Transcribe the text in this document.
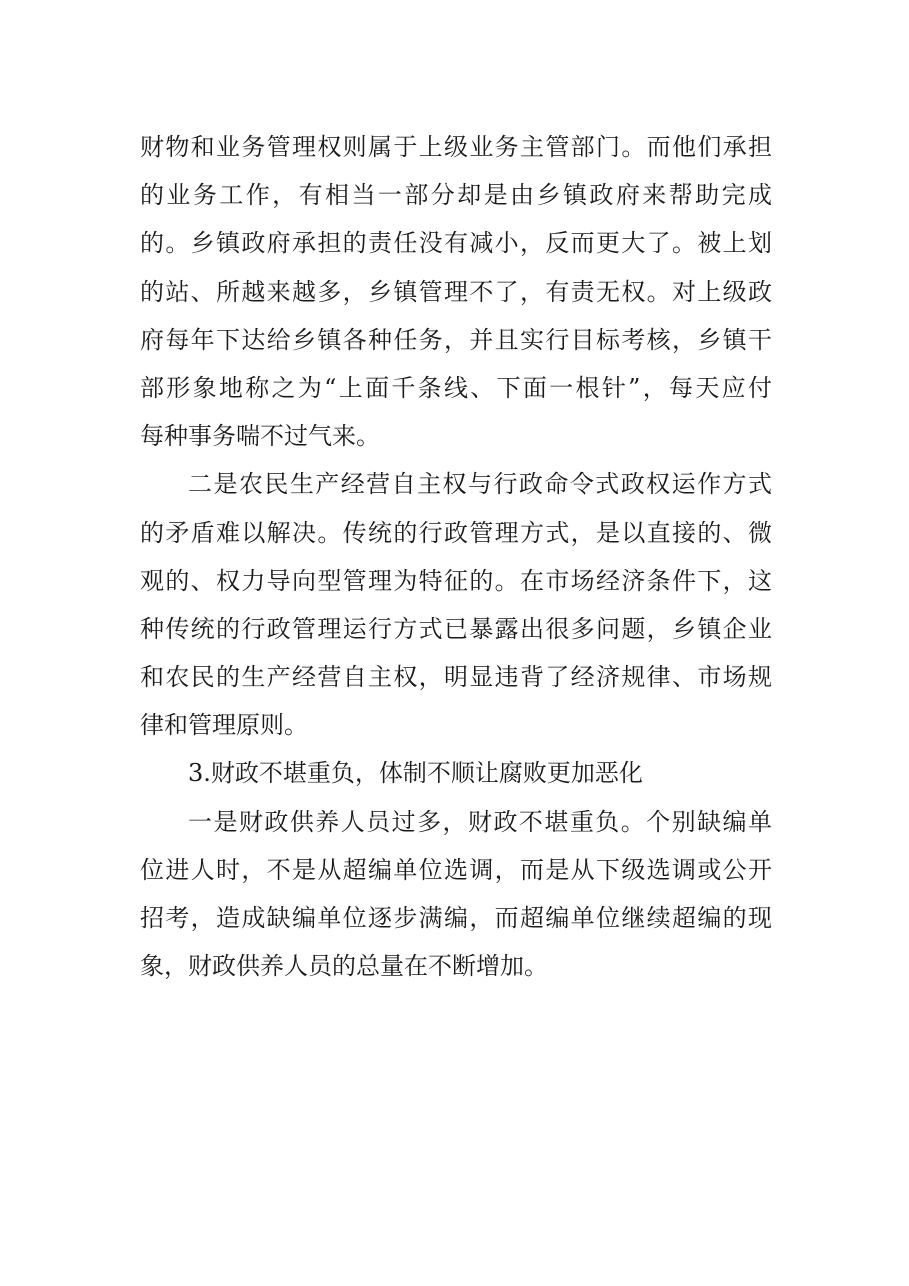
财物和业务管理权则属于上级业务主管部门。而他们承担
的业务工作，有相当一部分却是由乡镇政府来帮助完成
的。乡镇政府承担的责任没有减小，反而更大了。被上划
的站、所越来越多，乡镇管理不了，有责无权。对上级政
府每年下达给乡镇各种任务，并且实行目标考核，乡镇干
部形象地称之为“上面千条线、下面一根针”，每天应付
每种事务喘不过气来。
二是农民生产经营自主权与行政命令式政权运作方式
的矛盾难以解决。传统的行政管理方式，是以直接的、微
观的、权力导向型管理为特征的。在市场经济条件下，这
种传统的行政管理运行方式已暴露出很多问题，乡镇企业
和农民的生产经营自主权，明显违背了经济规律、市场规
律和管理原则。
3.财政不堪重负，体制不顺让腐败更加恶化
一是财政供养人员过多，财政不堪重负。个别缺编单
位进人时，不是从超编单位选调，而是从下级选调或公开
招考，造成缺编单位逐步满编，而超编单位继续超编的现
象，财政供养人员的总量在不断增加。
